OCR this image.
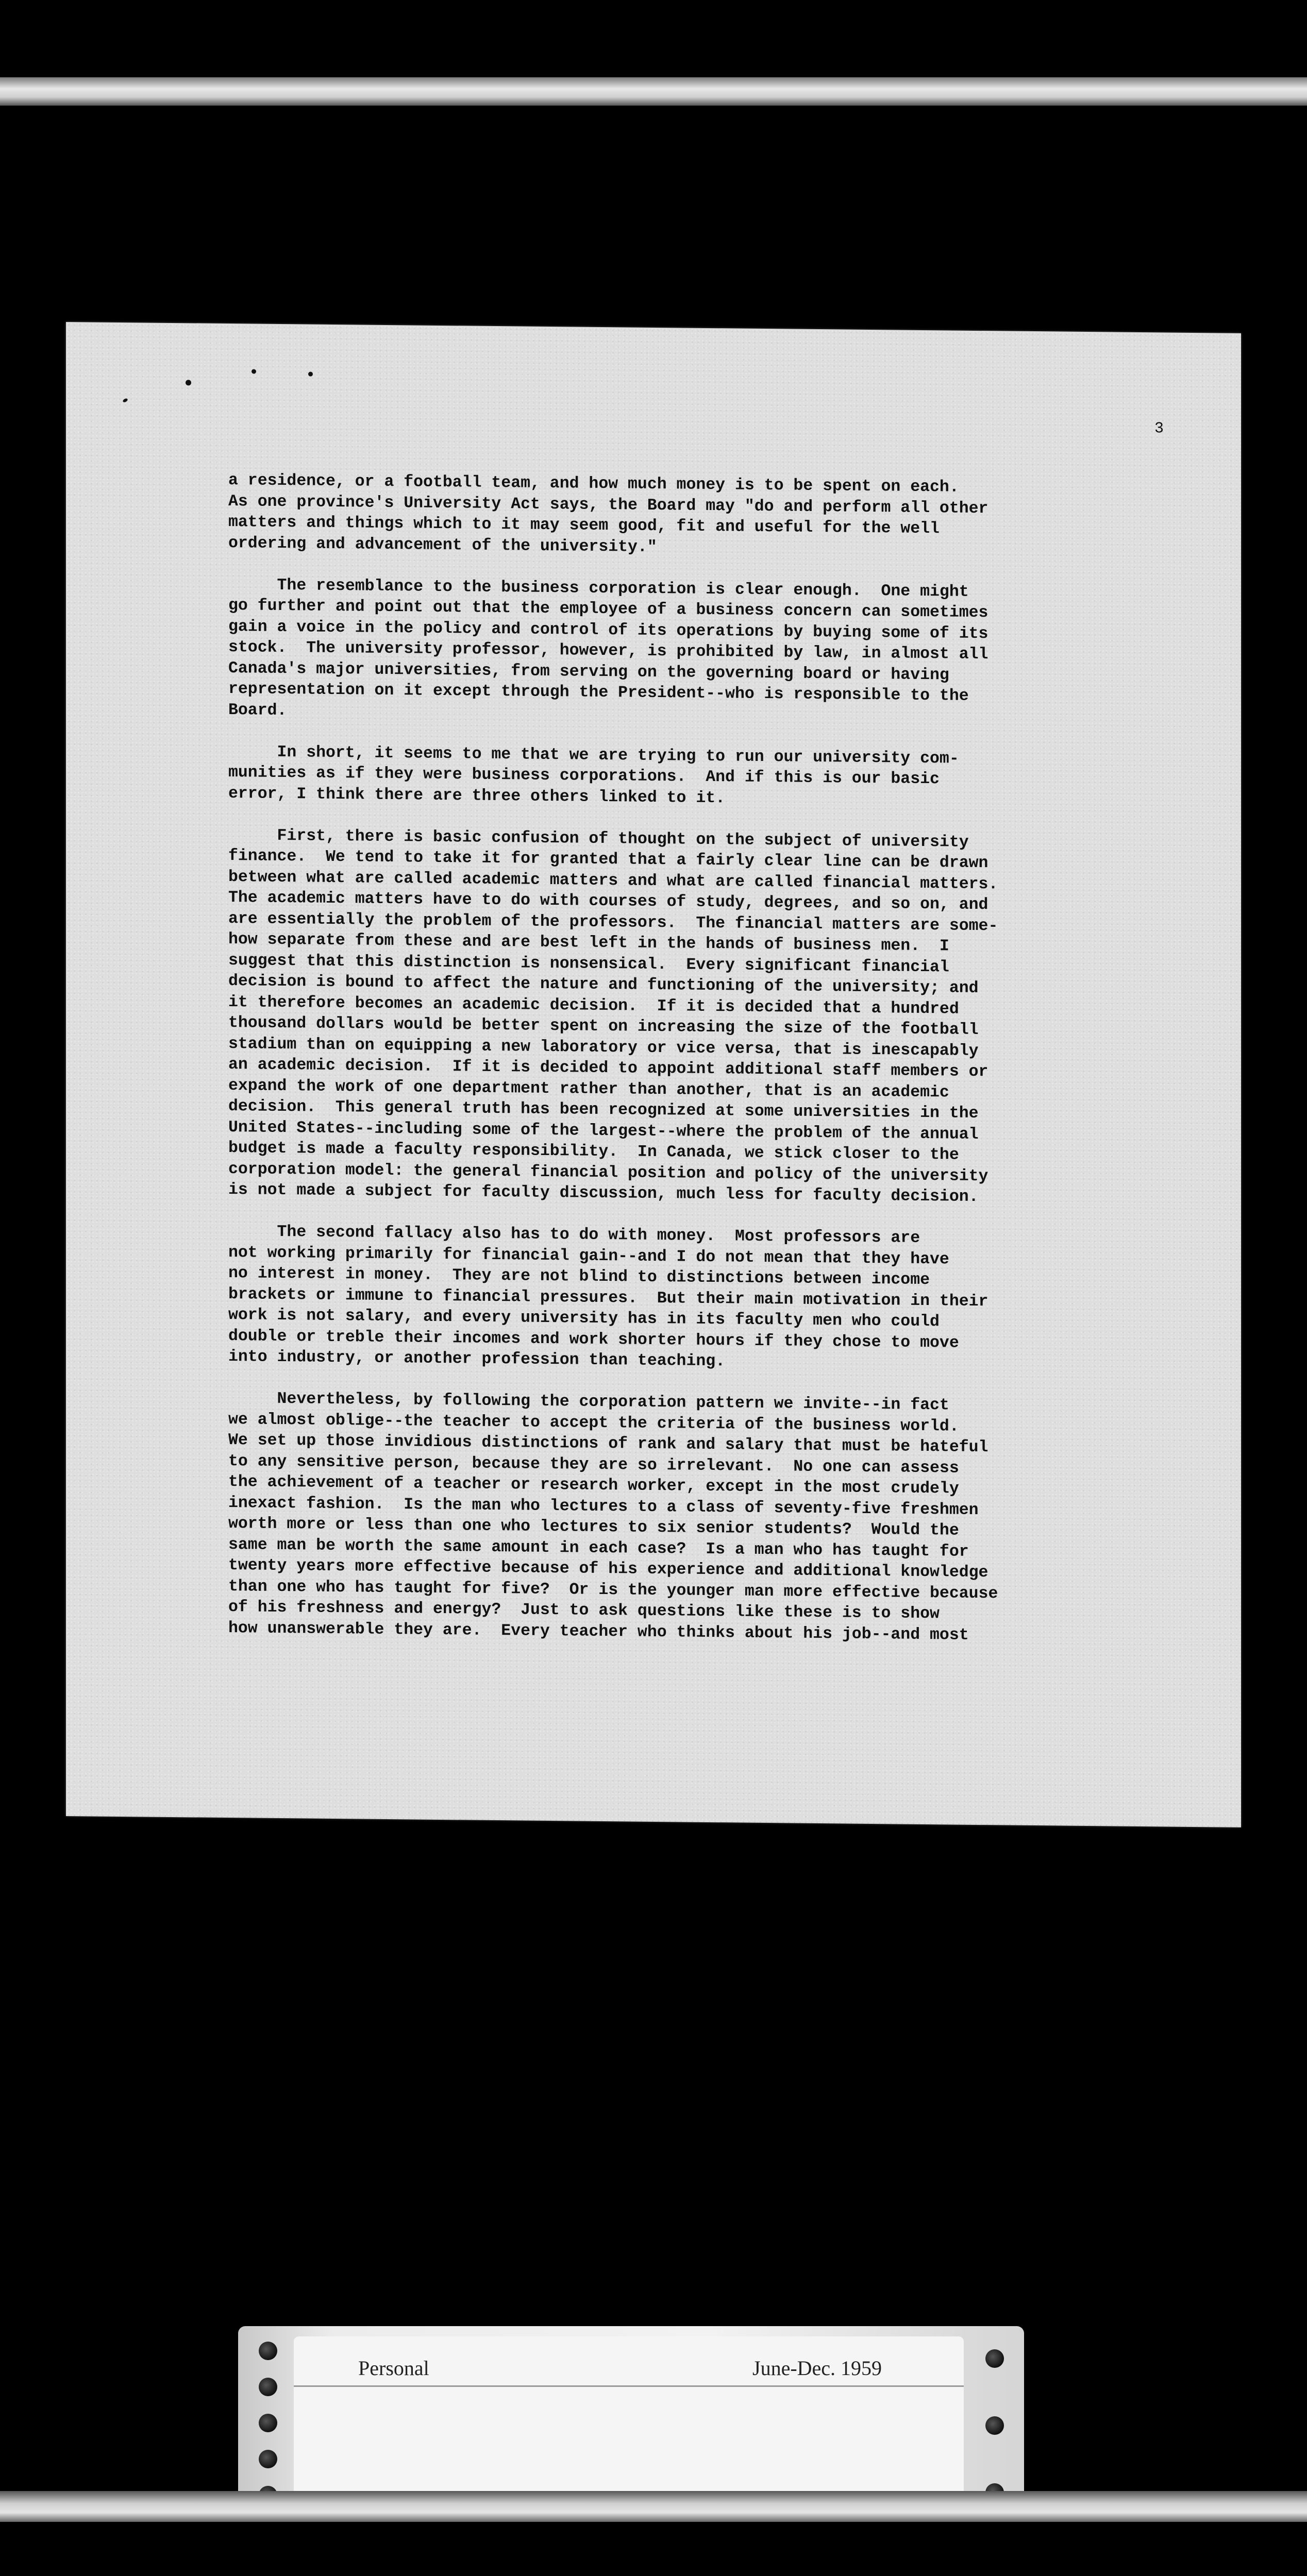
3

a residence, or a football team, and how much money is to be spent on each.
As one province's University Act says, the Board may "do and perform all other
matters and things which to it may seem good, fit and useful for the well
ordering and advancement of the university."

The resemblance to the business corporation is clear enough.  One might
go further and point out that the employee of a business concern can sometimes
gain a voice in the policy and control of its operations by buying some of its
stock.  The university professor, however, is prohibited by law, in almost all
Canada's major universities, from serving on the governing board or having
representation on it except through the President--who is responsible to the
Board.

In short, it seems to me that we are trying to run our university com-
munities as if they were business corporations.  And if this is our basic
error, I think there are three others linked to it.

First, there is basic confusion of thought on the subject of university
finance.  We tend to take it for granted that a fairly clear line can be drawn
between what are called academic matters and what are called financial matters.
The academic matters have to do with courses of study, degrees, and so on, and
are essentially the problem of the professors.  The financial matters are some-
how separate from these and are best left in the hands of business men.  I
suggest that this distinction is nonsensical.  Every significant financial
decision is bound to affect the nature and functioning of the university; and
it therefore becomes an academic decision.  If it is decided that a hundred
thousand dollars would be better spent on increasing the size of the football
stadium than on equipping a new laboratory or vice versa, that is inescapably
an academic decision.  If it is decided to appoint additional staff members or
expand the work of one department rather than another, that is an academic
decision.  This general truth has been recognized at some universities in the
United States--including some of the largest--where the problem of the annual
budget is made a faculty responsibility.  In Canada, we stick closer to the
corporation model: the general financial position and policy of the university
is not made a subject for faculty discussion, much less for faculty decision.

The second fallacy also has to do with money.  Most professors are
not working primarily for financial gain--and I do not mean that they have
no interest in money.  They are not blind to distinctions between income
brackets or immune to financial pressures.  But their main motivation in their
work is not salary, and every university has in its faculty men who could
double or treble their incomes and work shorter hours if they chose to move
into industry, or another profession than teaching.

Nevertheless, by following the corporation pattern we invite--in fact
we almost oblige--the teacher to accept the criteria of the business world.
We set up those invidious distinctions of rank and salary that must be hateful
to any sensitive person, because they are so irrelevant.  No one can assess
the achievement of a teacher or research worker, except in the most crudely
inexact fashion.  Is the man who lectures to a class of seventy-five freshmen
worth more or less than one who lectures to six senior students?  Would the
same man be worth the same amount in each case?  Is a man who has taught for
twenty years more effective because of his experience and additional knowledge
than one who has taught for five?  Or is the younger man more effective because
of his freshness and energy?  Just to ask questions like these is to show
how unanswerable they are.  Every teacher who thinks about his job--and most

Personal	June-Dec. 1959
